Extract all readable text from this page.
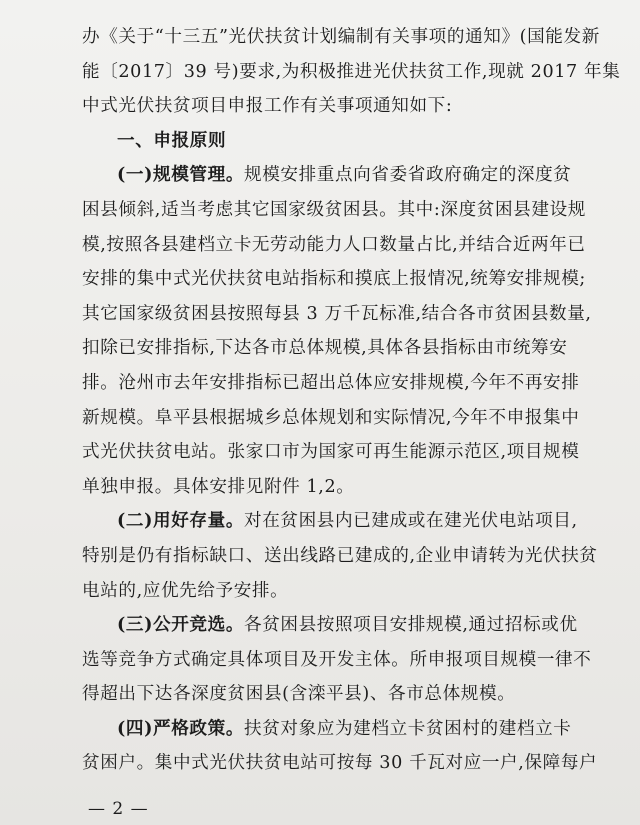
办《关于“十三五”光伏扶贫计划编制有关事项的通知》(国能发新
能〔2017〕39 号)要求,为积极推进光伏扶贫工作,现就 2017 年集
中式光伏扶贫项目申报工作有关事项通知如下:
一、申报原则
(一)规模管理。规模安排重点向省委省政府确定的深度贫
困县倾斜,适当考虑其它国家级贫困县。其中:深度贫困县建设规
模,按照各县建档立卡无劳动能力人口数量占比,并结合近两年已
安排的集中式光伏扶贫电站指标和摸底上报情况,统筹安排规模;
其它国家级贫困县按照每县 3 万千瓦标准,结合各市贫困县数量,
扣除已安排指标,下达各市总体规模,具体各县指标由市统筹安
排。沧州市去年安排指标已超出总体应安排规模,今年不再安排
新规模。阜平县根据城乡总体规划和实际情况,今年不申报集中
式光伏扶贫电站。张家口市为国家可再生能源示范区,项目规模
单独申报。具体安排见附件 1,2。
(二)用好存量。对在贫困县内已建成或在建光伏电站项目,
特别是仍有指标缺口、送出线路已建成的,企业申请转为光伏扶贫
电站的,应优先给予安排。
(三)公开竞选。各贫困县按照项目安排规模,通过招标或优
选等竞争方式确定具体项目及开发主体。所申报项目规模一律不
得超出下达各深度贫困县(含滦平县)、各市总体规模。
(四)严格政策。扶贫对象应为建档立卡贫困村的建档立卡
贫困户。集中式光伏扶贫电站可按每 30 千瓦对应一户,保障每户
— 2 —
